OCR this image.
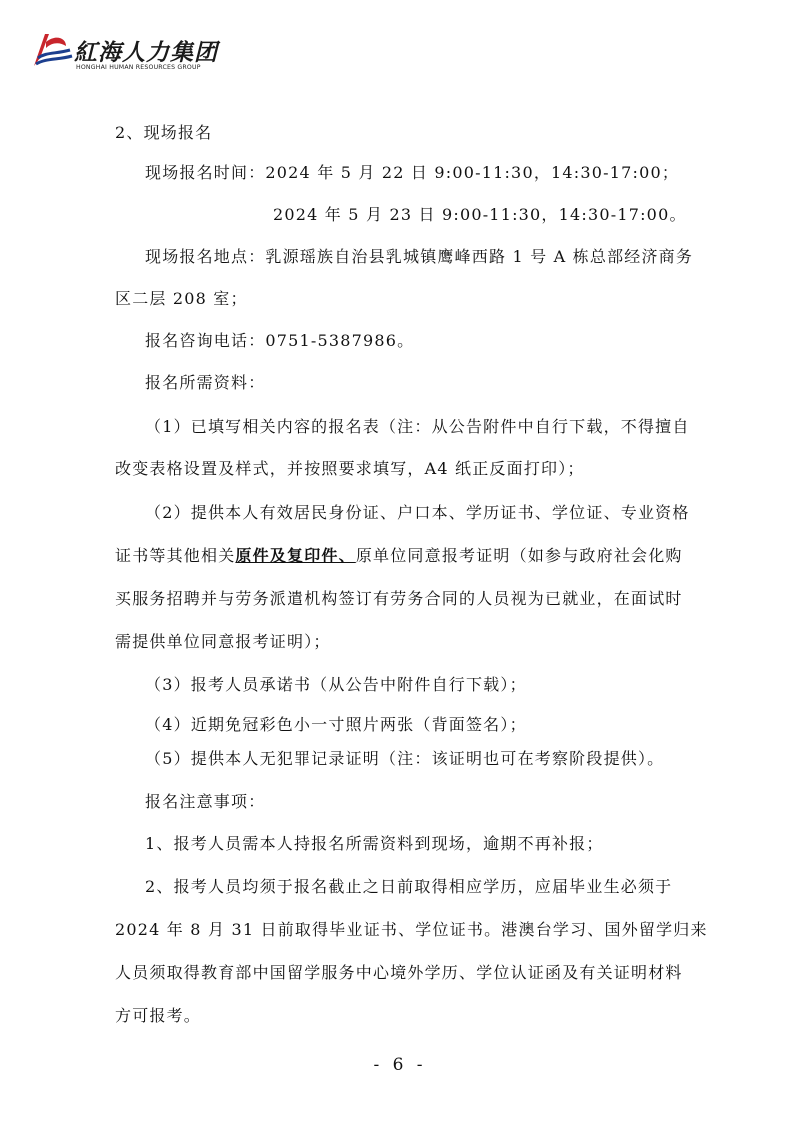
紅海人力集团
HONGHAI HUMAN RESOURCES GROUP
2、现场报名
现场报名时间：2024 年 5 月 22 日 9:00-11:30，14:30-17:00；
2024 年 5 月 23 日 9:00-11:30，14:30-17:00。
现场报名地点：乳源瑶族自治县乳城镇鹰峰西路 1 号 A 栋总部经济商务
区二层 208 室；
报名咨询电话：0751-5387986。
报名所需资料：
（1）已填写相关内容的报名表（注：从公告附件中自行下载，不得擅自
改变表格设置及样式，并按照要求填写，A4 纸正反面打印）；
（2）提供本人有效居民身份证、户口本、学历证书、学位证、专业资格
证书等其他相关原件及复印件、原单位同意报考证明（如参与政府社会化购
买服务招聘并与劳务派遣机构签订有劳务合同的人员视为已就业，在面试时
需提供单位同意报考证明）；
（3）报考人员承诺书（从公告中附件自行下载）；
（4）近期免冠彩色小一寸照片两张（背面签名）；
（5）提供本人无犯罪记录证明（注：该证明也可在考察阶段提供）。
报名注意事项：
1、报考人员需本人持报名所需资料到现场，逾期不再补报；
2、报考人员均须于报名截止之日前取得相应学历，应届毕业生必须于
2024 年 8 月 31 日前取得毕业证书、学位证书。港澳台学习、国外留学归来
人员须取得教育部中国留学服务中心境外学历、学位认证函及有关证明材料
方可报考。
- 6 -
